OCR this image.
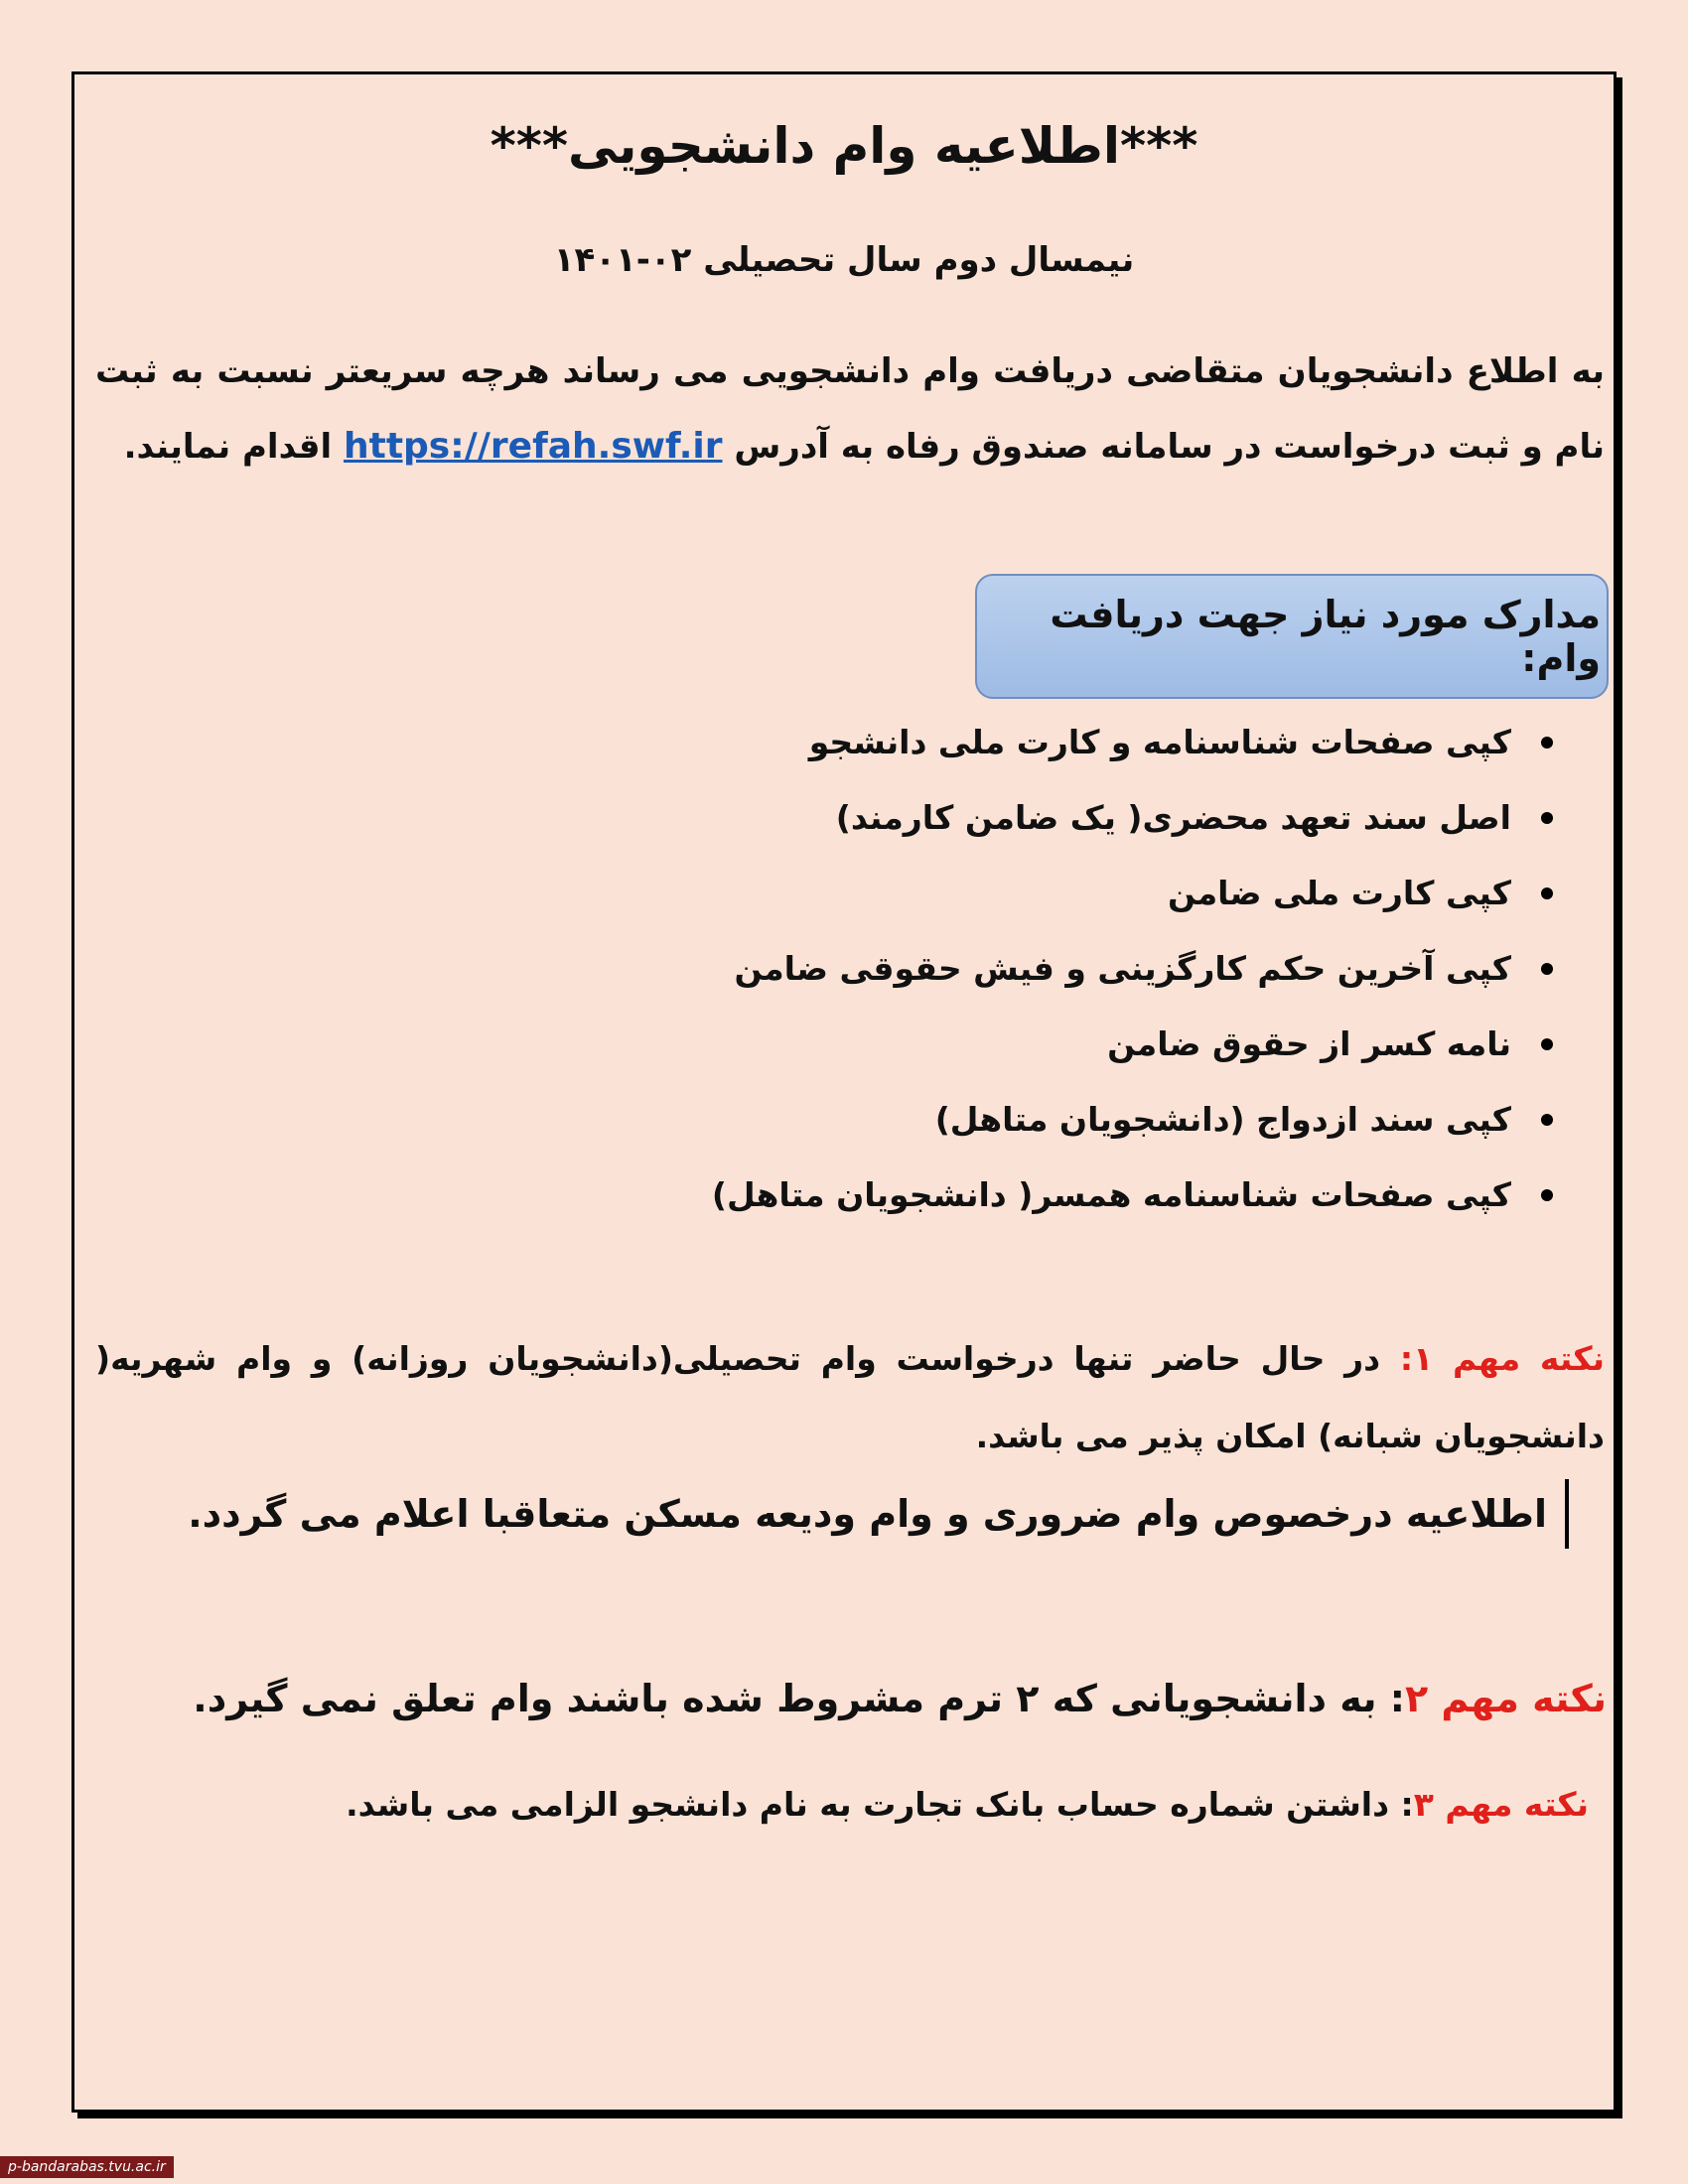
***اطلاعیه وام دانشجویی***
نیمسال دوم سال تحصیلی ۰۲-۱۴۰۱

به اطلاع دانشجویان متقاضی دریافت وام دانشجویی می رساند هرچه سریعتر نسبت به ثبت نام و ثبت درخواست در سامانه صندوق رفاه به آدرس https://refah.swf.ir اقدام نمایند.

مدارک مورد نیاز جهت دریافت وام:
کپی صفحات شناسنامه و کارت ملی دانشجو
اصل سند تعهد محضری( یک ضامن کارمند)
کپی کارت ملی ضامن
کپی آخرین حکم کارگزینی و فیش حقوقی ضامن
نامه کسر از حقوق ضامن
کپی سند ازدواج (دانشجویان متاهل)
کپی صفحات شناسنامه همسر( دانشجویان متاهل)

نکته مهم ۱: در حال حاضر تنها درخواست وام تحصیلی(دانشجویان روزانه) و وام شهریه( دانشجویان شبانه) امکان پذیر می باشد.

اطلاعیه درخصوص وام ضروری و وام ودیعه مسکن متعاقبا اعلام می گردد.

نکته مهم ۲: به دانشجویانی که ۲ ترم مشروط شده باشند وام تعلق نمی گیرد.

نکته مهم ۳: داشتن شماره حساب بانک تجارت به نام دانشجو الزامی می باشد.

p-bandarabas.tvu.ac.ir
